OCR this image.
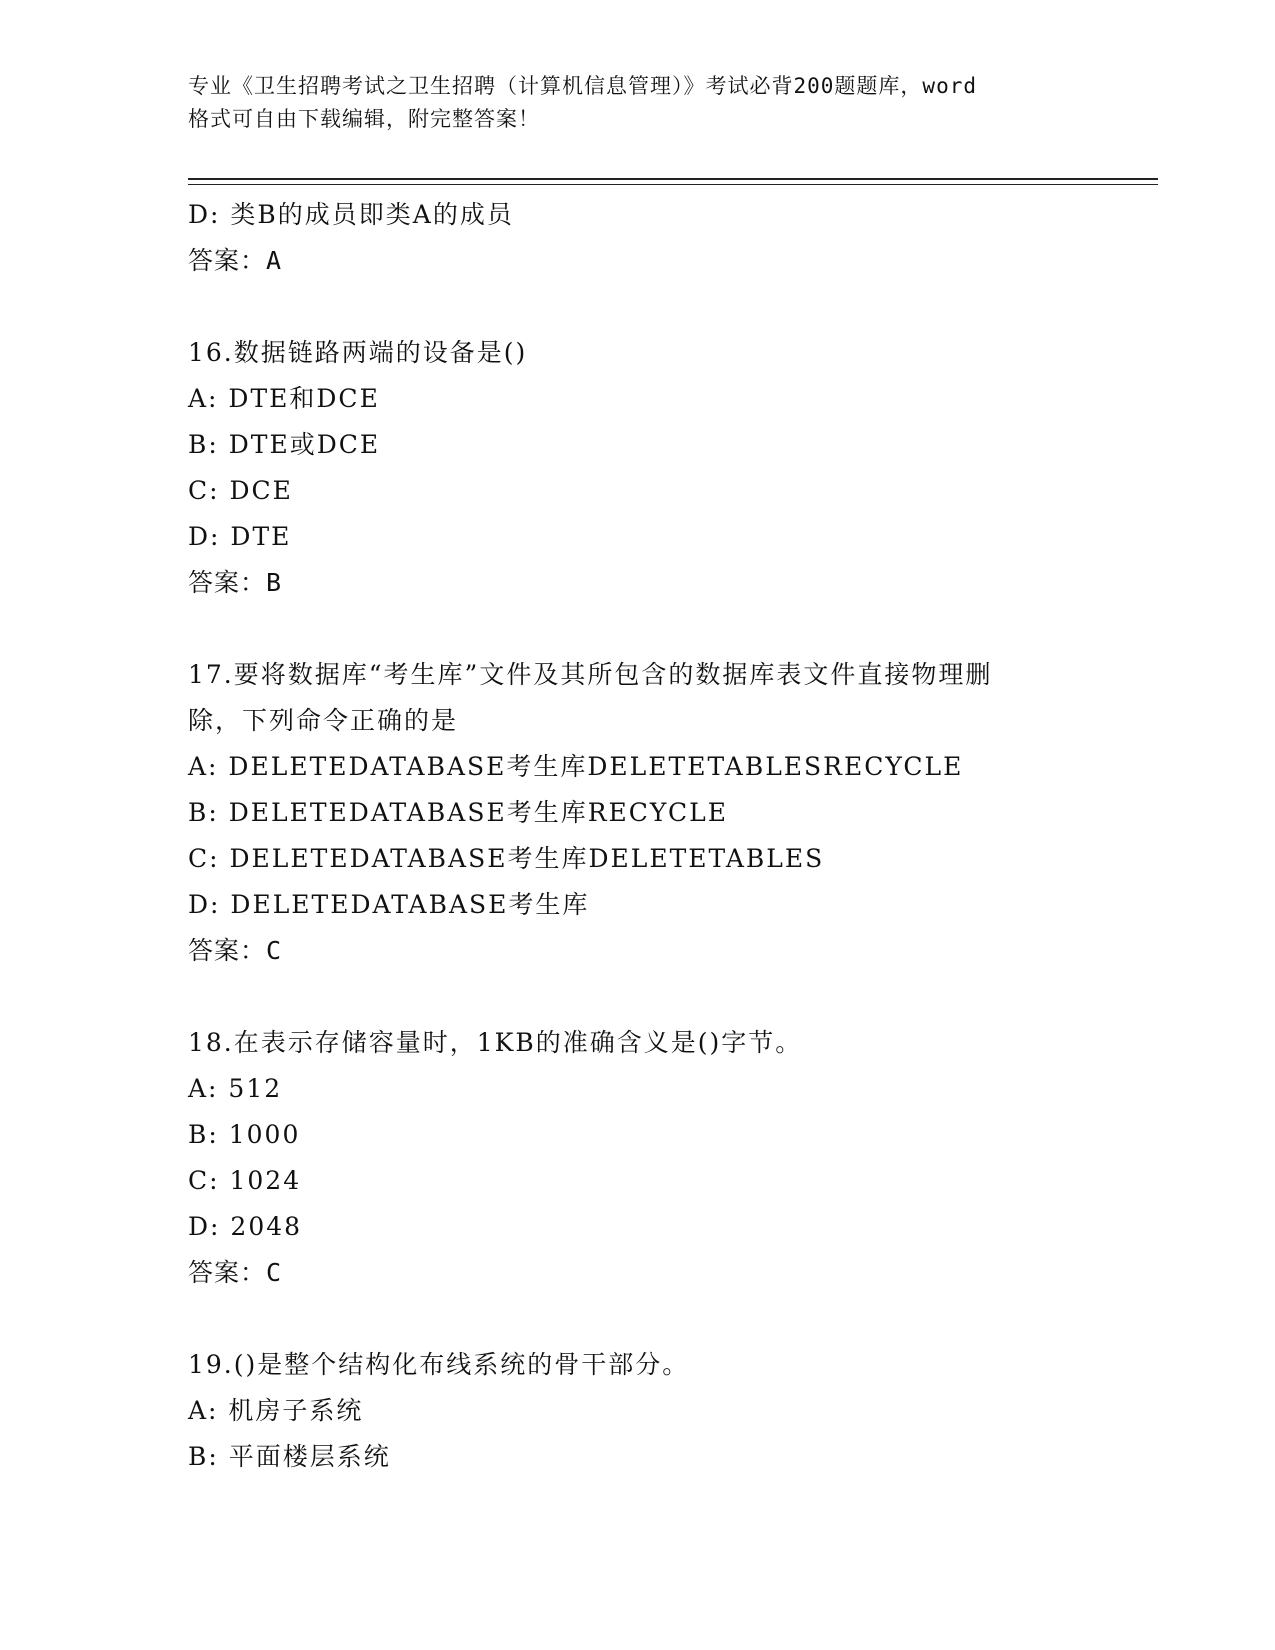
专业《卫生招聘考试之卫生招聘（计算机信息管理）》考试必背200题题库，word
格式可自由下载编辑，附完整答案！
D: 类B的成员即类A的成员
答案：A
16.数据链路两端的设备是()
A: DTE和DCE
B: DTE或DCE
C: DCE
D: DTE
答案：B
17.要将数据库“考生库”文件及其所包含的数据库表文件直接物理删
除，下列命令正确的是
A: DELETEDATABASE考生库DELETETABLESRECYCLE
B: DELETEDATABASE考生库RECYCLE
C: DELETEDATABASE考生库DELETETABLES
D: DELETEDATABASE考生库
答案：C
18.在表示存储容量时，1KB的准确含义是()字节。
A: 512
B: 1000
C: 1024
D: 2048
答案：C
19.()是整个结构化布线系统的骨干部分。
A: 机房子系统
B: 平面楼层系统
